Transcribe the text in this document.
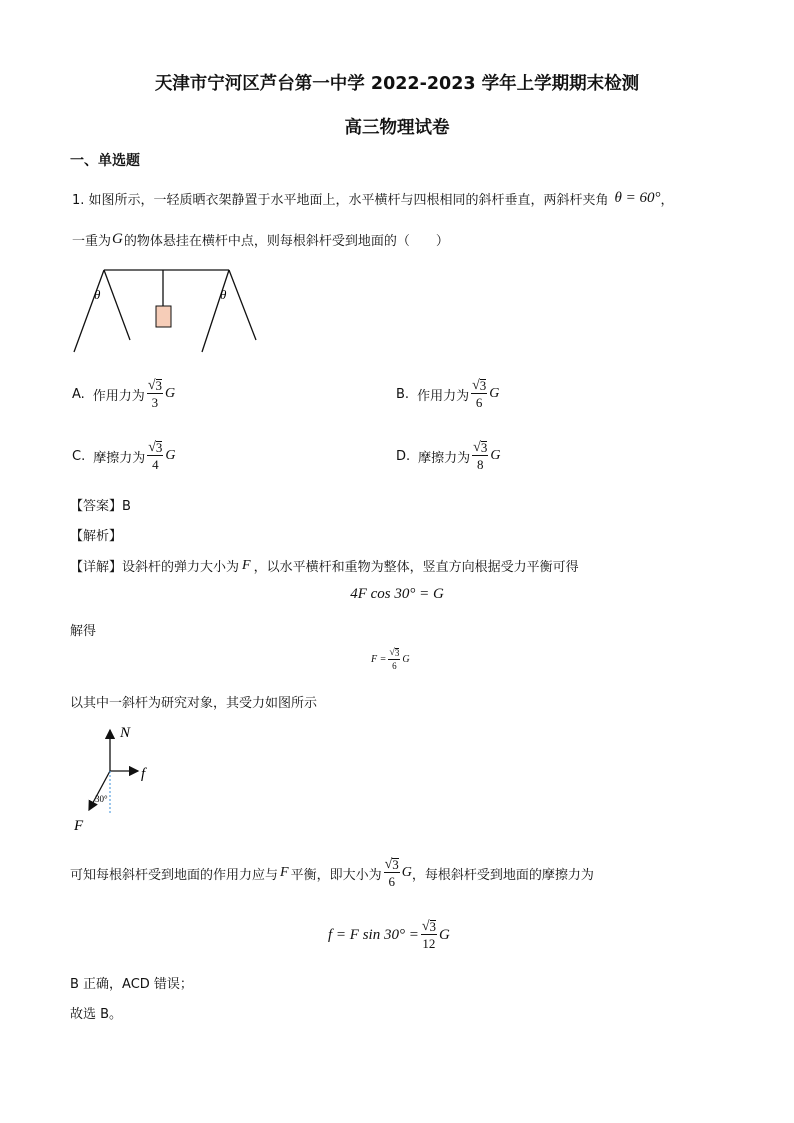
天津市宁河区芦台第一中学 2022-2023 学年上学期期末检测
高三物理试卷
一、单选题
1. 如图所示，一轻质晒衣架静置于水平地面上，水平横杆与四根相同的斜杆垂直，两斜杆夹角 θ = 60° ，
一重为 G 的物体悬挂在横杆中点，则每根斜杆受到地面的（　　）
θ	θ
A. 作用力为 $\frac{√ 3}{3}$ G	B. 作用力为 $\frac{√ 3}{6}$ G
C. 摩擦力为 $\frac{√ 3}{4}$ G	D. 摩擦力为 $\frac{√ 3}{8}$ G
【答案】B
【解析】
【详解】 设斜杆的弹力大小为 F ，以水平横杆和重物为整体，竖直方向根据受力平衡可得
4F cos 30° = G
解得
$F = \frac{√ 3}{6}$ G
以其中一斜杆为研究对象，其受力如图所示
N
f
F
30°
可知每根斜杆受到地面的作用力应与 F 平衡，即大小为 $\frac{√ 3}{6}$ G ，每根斜杆受到地面的摩擦力为
f = F $\sin 30^\circ = \frac{√ 3}{12}$ G
B 正确，ACD 错误；
故选 B。
